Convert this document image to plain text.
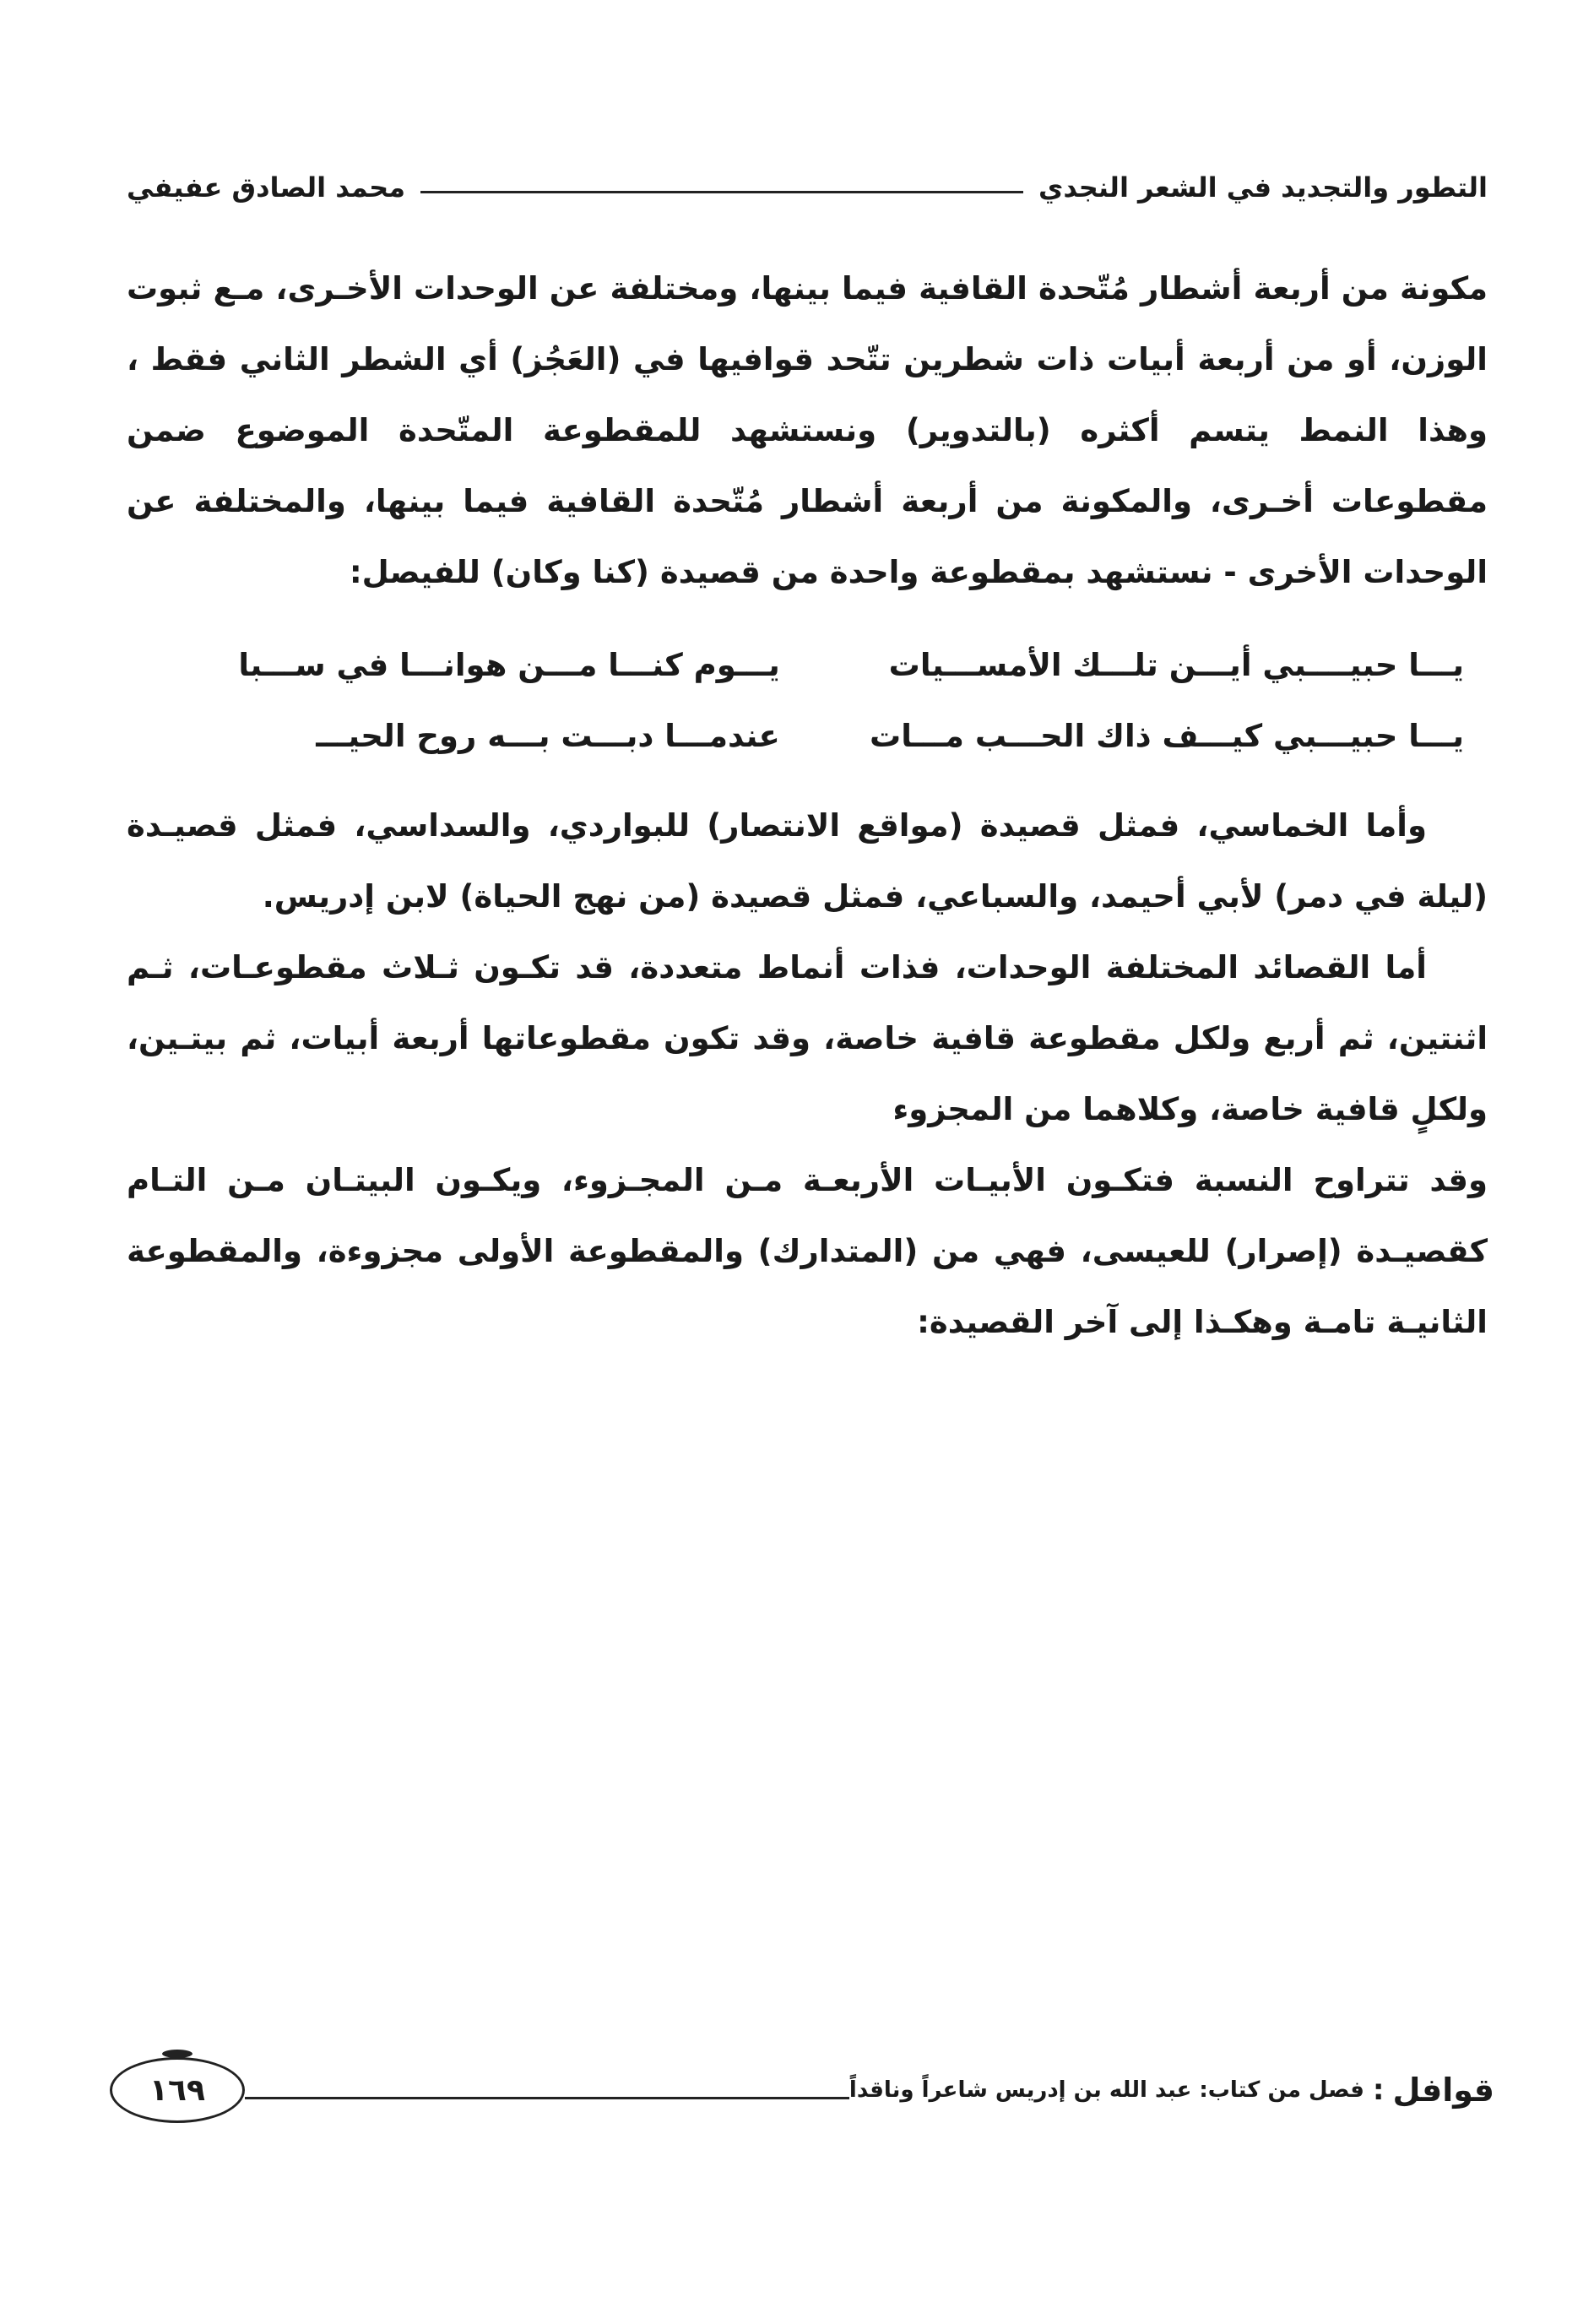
التطور والتجديد في الشعر النجدي
محمد الصادق عفيفي

مكونة من أربعة أشطار مُتّحدة القافية فيما بينها، ومختلفة عن الوحدات الأخـرى، مـع ثبوت الوزن، أو من أربعة أبيات ذات شطرين تتّحد قوافيها في (العَجُز) أي الشطر الثاني فقط ، وهذا النمط يتسم أكثره (بالتدوير) ونستشهد للمقطوعة المتّحدة الموضوع ضمن مقطوعات أخـرى، والمكونة من أربعة أشطار مُتّحدة القافية فيما بينها، والمختلفة عن الوحدات الأخرى - نستشهد بمقطوعة واحدة من قصيدة (كنا وكان) للفيصل:

يـــا حبيــــبي أيـــن تلـــك الأمســـيات
يـــوم كنـــا مـــن هوانـــا في ســـبا
يـــا حبيـــبي كيـــف ذاك الحـــب مـــات
عندمـــا دبـــت بـــه روح الحيـــ

وأما الخماسي، فمثل قصيدة (مواقع الانتصار) للبواردي، والسداسي، فمثل قصيـدة (ليلة في دمر) لأبي أحيمد، والسباعي، فمثل قصيدة (من نهج الحياة) لابن إدريس.

أما القصائد المختلفة الوحدات، فذات أنماط متعددة، قد تكـون ثـلاث مقطوعـات، ثـم اثنتين، ثم أربع ولكل مقطوعة قافية خاصة، وقد تكون مقطوعاتها أربعة أبيات، ثم بيتـين، ولكلٍ قافية خاصة، وكلاهما من المجزوء

وقد تتراوح النسبة فتكـون الأبيـات الأربعـة مـن المجـزوء، ويكـون البيتـان مـن التـام كقصيـدة (إصرار) للعيسى، فهي من (المتدارك) والمقطوعة الأولى مجزوءة، والمقطوعة الثانيـة تامـة وهكـذا إلى آخر القصيدة:

قوافل
:
فصل من كتاب: عبد الله بن إدريس شاعراً وناقداً
١٦٩
